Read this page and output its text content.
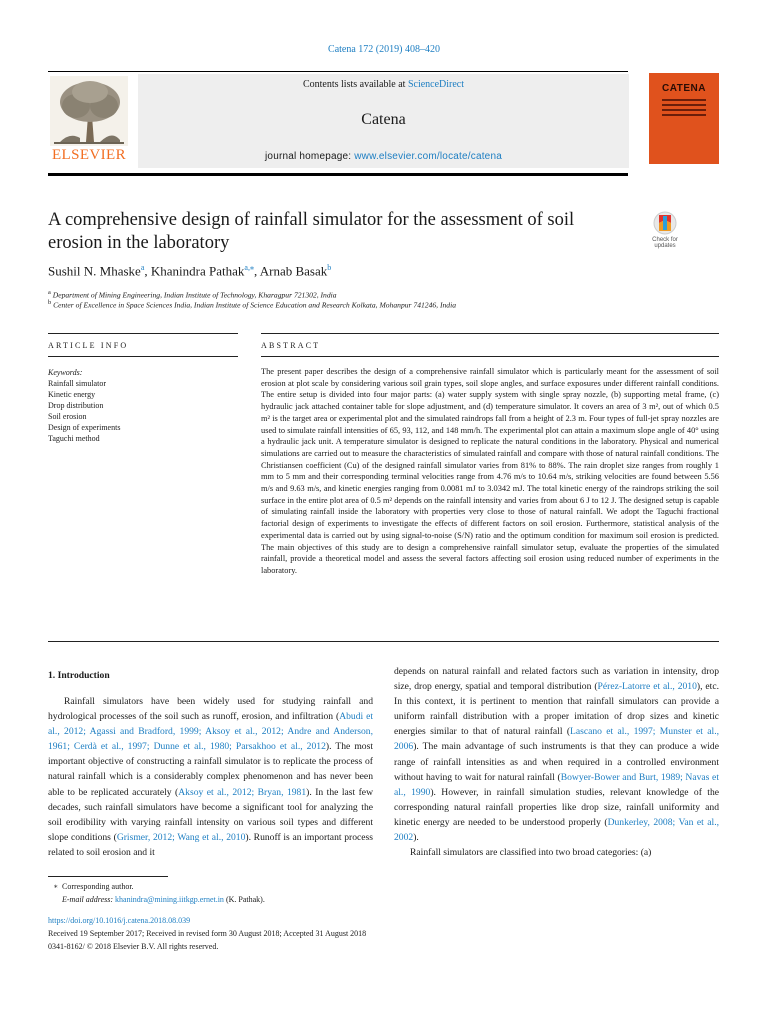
Catena 172 (2019) 408–420
Contents lists available at ScienceDirect
Catena
journal homepage: www.elsevier.com/locate/catena
ELSEVIER
CATENA
A comprehensive design of rainfall simulator for the assessment of soil erosion in the laboratory	Check for updates
Sushil N. Mhaske$^a$, Khanindra Pathak$^{a,⁎}$, Arnab Basak$^b$
$^a$ Department of Mining Engineering, Indian Institute of Technology, Kharagpur 721302, India
$^b$ Center of Excellence in Space Sciences India, Indian Institute of Science Education and Research Kolkata, Mohanpur 741246, India
ARTICLE INFO	ABSTRACT
Keywords:
Rainfall simulator
Kinetic energy
Drop distribution
Soil erosion
Design of experiments
Taguchi method
The present paper describes the design of a comprehensive rainfall simulator which is particularly meant for the assessment of soil erosion at plot scale by considering various soil grain types, soil slope angles, and surface exposures under different rainfall conditions. The entire setup is divided into four major parts: (a) water supply system with single spray nozzle, (b) supporting metal frame, (c) hydraulic jack attached container table for slope adjustment, and (d) temperature simulator. It covers an area of 3 m², out of which 0.5 m² is the target area or experimental plot and the simulated raindrops fall from a height of 2.3 m. Four types of full-jet spray nozzles are used to simulate rainfall intensities of 65, 93, 112, and 148 mm/h. The experimental plot can attain a maximum slope angle of 40° using a hydraulic jack unit. A temperature simulator is designed to replicate the natural conditions in the laboratory. Physical and numerical simulations are carried out to measure the characteristics of simulated rainfall and compare with those of natural rainfall conditions. The Christiansen coefficient (Cu) of the designed rainfall simulator varies from 81% to 88%. The rain droplet size ranges from roughly 1 mm to 5 mm and their corresponding terminal velocities range from 4.76 m/s to 10.64 m/s, striking velocities are found between 5.56 m/s and 9.63 m/s, and kinetic energies ranging from 0.0081 mJ to 3.0342 mJ. The total kinetic energy of the raindrops striking the soil surface in the entire plot area of 0.5 m² depends on the rainfall intensity and varies from about 6 J to 12 J. The designed setup is capable of simulating rainfall inside the laboratory with properties very close to those of natural rainfall. We adopt the Taguchi fractional factorial design of experiments to investigate the effects of different factors on soil erosion. Furthermore, statistical analysis of the experimental data is carried out by using signal-to-noise (S/N) ratio and the optimum condition for maximum soil erosion is predicted. The main objectives of this study are to design a comprehensive rainfall simulator setup, evaluate the properties of the simulated rainfall, provide a theoretical model and assess the several factors affecting soil erosion using reduced number of experiments in the laboratory.
1. Introduction
Rainfall simulators have been widely used for studying rainfall and hydrological processes of the soil such as runoff, erosion, and infiltration (Abudi et al., 2012; Agassi and Bradford, 1999; Aksoy et al., 2012; Andre and Anderson, 1961; Cerdà et al., 1997; Dunne et al., 1980; Parsakhoo et al., 2012). The most important objective of constructing a rainfall simulator is to replicate the process of natural rainfall which is a considerably complex phenomenon and has never been able to be replicated accurately (Aksoy et al., 2012; Bryan, 1981). In the last few decades, such rainfall simulators have become a significant tool for analyzing the soil erodibility with varying rainfall intensity on various soil types and different slope conditions (Grismer, 2012; Wang et al., 2010). Runoff is an important process related to soil erosion and it
depends on natural rainfall and related factors such as variation in intensity, drop size, drop energy, spatial and temporal distribution (Pérez-Latorre et al., 2010), etc. In this context, it is pertinent to mention that rainfall simulators can provide a uniform rainfall distribution with a proper imitation of drop sizes and kinetic energies similar to that of natural rainfall (Lascano et al., 1997; Munster et al., 2006). The main advantage of such instruments is that they can produce a wide range of rainfall intensities as and when required in a controlled environment without having to wait for natural rainfall (Bowyer-Bower and Burt, 1989; Navas et al., 1990). However, in rainfall simulation studies, relevant knowledge of the corresponding natural rainfall properties like drop size, rainfall uniformity and kinetic energy are needed to be understood properly (Dunkerley, 2008; Van et al., 2002).
Rainfall simulators are classified into two broad categories: (a)
⁎ Corresponding author.
E-mail address: khanindra@mining.iitkgp.ernet.in (K. Pathak).
https://doi.org/10.1016/j.catena.2018.08.039
Received 19 September 2017; Received in revised form 30 August 2018; Accepted 31 August 2018
0341-8162/ © 2018 Elsevier B.V. All rights reserved.
